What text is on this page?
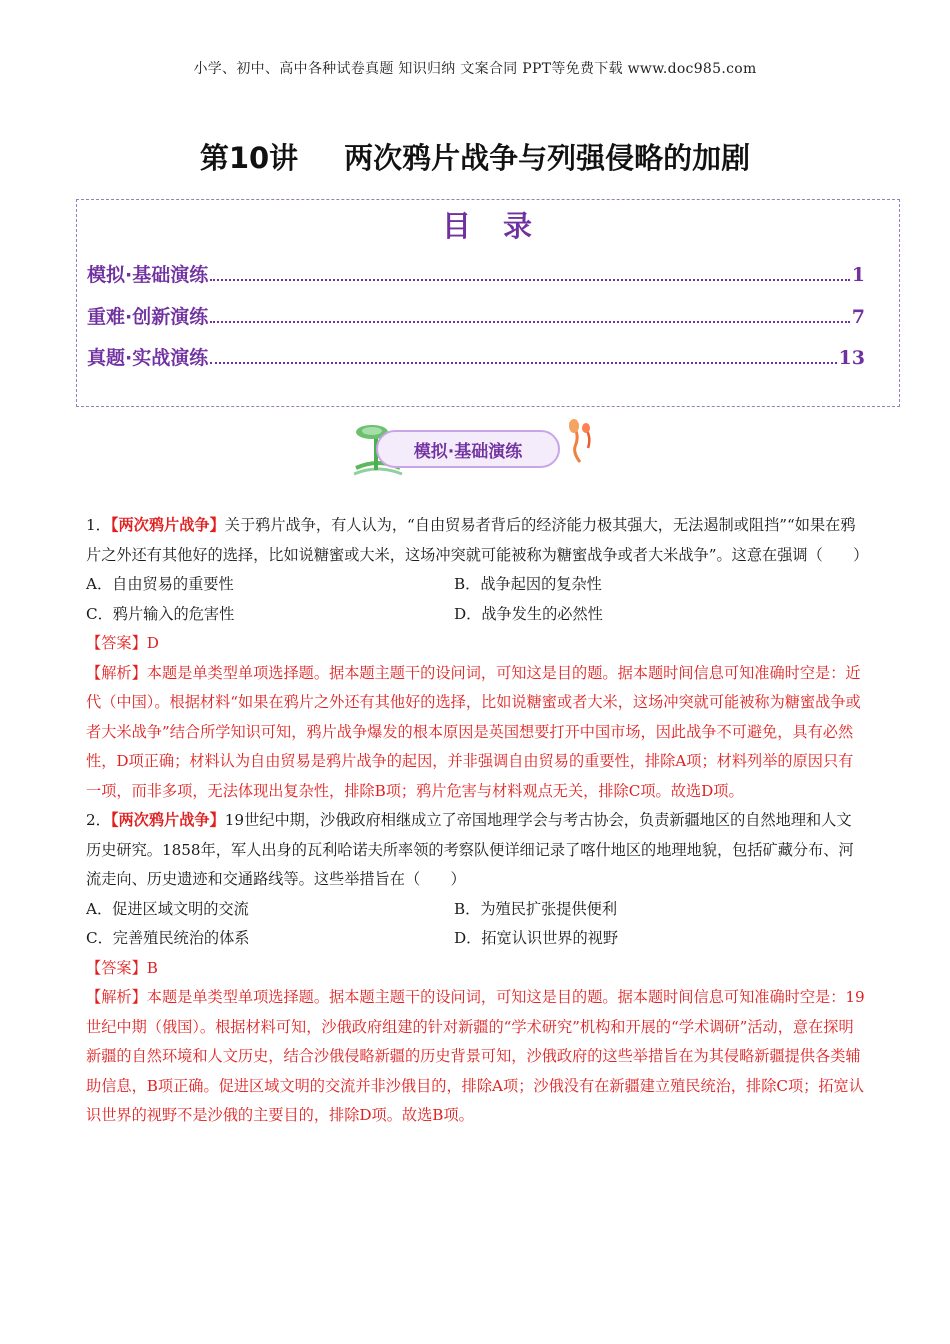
小学、初中、高中各种试卷真题 知识归纳 文案合同 PPT等免费下载 www.doc985.com
第10讲 两次鸦片战争与列强侵略的加剧
目 录
模拟·基础演练	1
重难·创新演练	7
真题·实战演练	13
模拟·基础演练

1．【两次鸦片战争】关于鸦片战争，有人认为，“自由贸易者背后的经济能力极其强大，无法遏制或阻挡”“如果在鸦片之外还有其他好的选择，比如说糖蜜或大米，这场冲突就可能被称为糖蜜战争或者大米战争”。这意在强调（　　）

A．自由贸易的重要性	B．战争起因的复杂性
C．鸦片输入的危害性	D．战争发生的必然性

【答案】D

【解析】本题是单类型单项选择题。据本题主题干的设问词，可知这是目的题。据本题时间信息可知准确时空是：近代（中国）。根据材料“如果在鸦片之外还有其他好的选择，比如说糖蜜或者大米，这场冲突就可能被称为糖蜜战争或者大米战争”结合所学知识可知，鸦片战争爆发的根本原因是英国想要打开中国市场，因此战争不可避免，具有必然性，D项正确；材料认为自由贸易是鸦片战争的起因，并非强调自由贸易的重要性，排除A项；材料列举的原因只有一项，而非多项，无法体现出复杂性，排除B项；鸦片危害与材料观点无关，排除C项。故选D项。

2．【两次鸦片战争】19世纪中期，沙俄政府相继成立了帝国地理学会与考古协会，负责新疆地区的自然地理和人文历史研究。1858年，军人出身的瓦利哈诺夫所率领的考察队便详细记录了喀什地区的地理地貌，包括矿藏分布、河流走向、历史遗迹和交通路线等。这些举措旨在（　　）

A．促进区域文明的交流	B．为殖民扩张提供便利
C．完善殖民统治的体系	D．拓宽认识世界的视野

【答案】B

【解析】本题是单类型单项选择题。据本题主题干的设问词，可知这是目的题。据本题时间信息可知准确时空是：19世纪中期（俄国）。根据材料可知，沙俄政府组建的针对新疆的“学术研究”机构和开展的“学术调研”活动，意在探明新疆的自然环境和人文历史，结合沙俄侵略新疆的历史背景可知，沙俄政府的这些举措旨在为其侵略新疆提供各类辅助信息，B项正确。促进区域文明的交流并非沙俄目的，排除A项；沙俄没有在新疆建立殖民统治，排除C项；拓宽认识世界的视野不是沙俄的主要目的，排除D项。故选B项。
